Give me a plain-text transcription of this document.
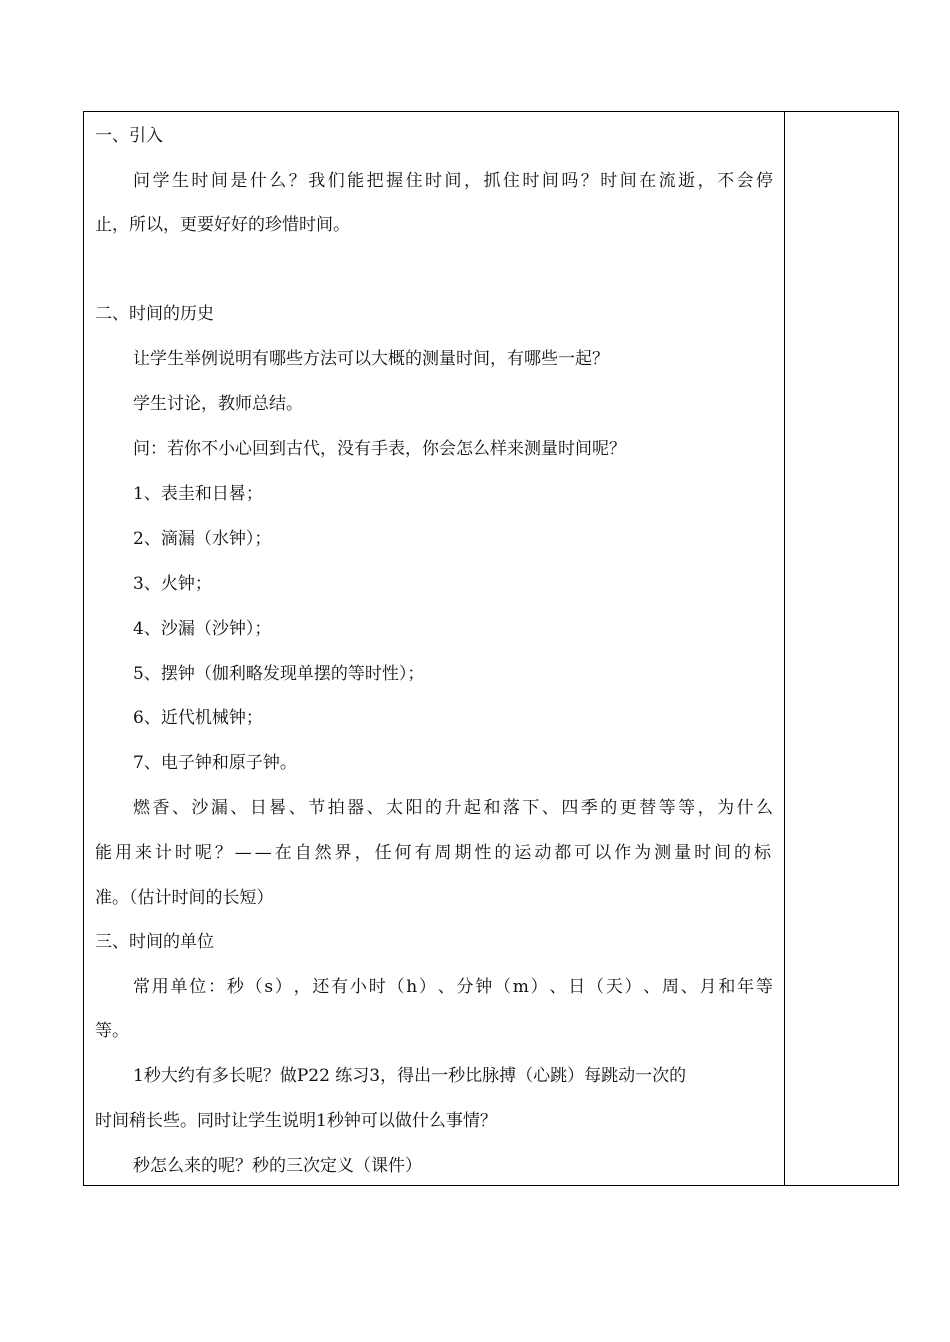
一、引入
问 学 生 时 间 是 什 么 ？ 我 们 能 把 握 住 时 间 ， 抓 住 时 间 吗 ？ 时 间 在 流 逝 ， 不 会 停
止，所以，更要好好的珍惜时间。
二、时间的历史
让学生举例说明有哪些方法可以大概的测量时间，有哪些一起？
学生讨论，教师总结。
问：若你不小心回到古代，没有手表，你会怎么样来测量时间呢？
1、表圭和日晷；
2、滴漏（水钟）；
3、火钟；
4、沙漏（沙钟）；
5、摆钟（伽利略发现单摆的等时性）；
6、近代机械钟；
7、电子钟和原子钟。
燃 香 、 沙 漏 、 日 晷 、 节 拍 器 、 太 阳 的 升 起 和 落 下 、 四 季 的 更 替 等 等 ， 为 什 么
能 用 来 计 时 呢 ？ — — 在 自 然 界 ， 任 何 有 周 期 性 的 运 动 都 可 以 作 为 测 量 时 间 的 标
准。（估计时间的长短）
三、时间的单位
常 用 单 位 ： 秒 （ s ） ， 还 有 小 时 （ h ） 、 分 钟 （ m ） 、 日 （ 天 ） 、 周 、 月 和 年 等
等。
1秒大约有多长呢？做P22 练习3，得出一秒比脉搏（心跳）每跳动一次的
时间稍长些。同时让学生说明1秒钟可以做什么事情？
秒怎么来的呢？秒的三次定义（课件）
